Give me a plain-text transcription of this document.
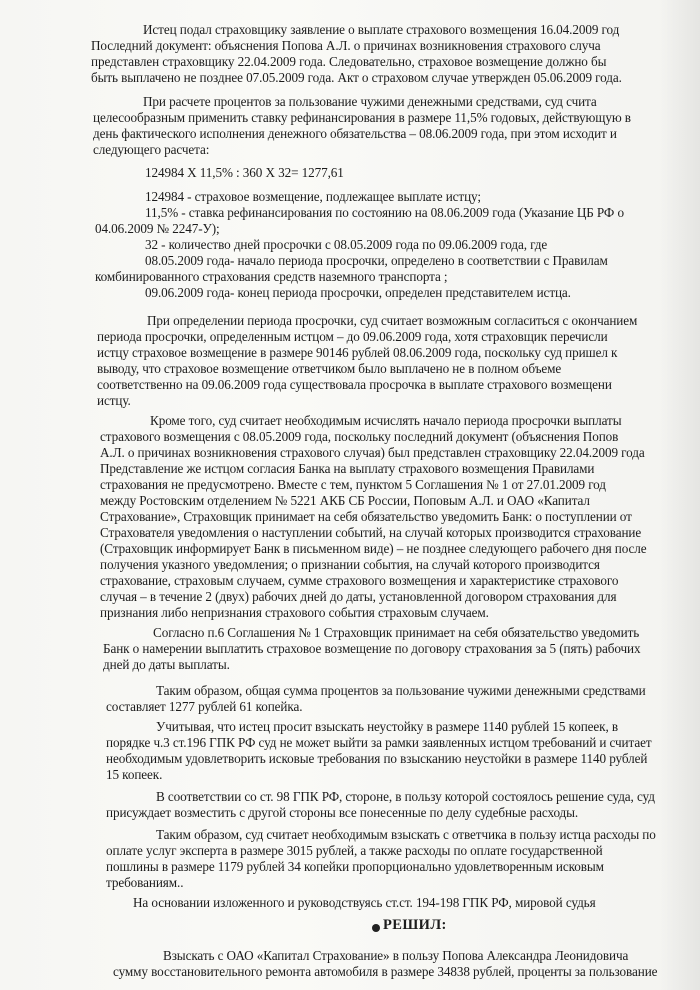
Истец подал страховщику заявление о выплате страхового возмещения 16.04.2009 год
Последний документ: объяснения Попова А.Л. о причинах возникновения страхового случа
представлен страховщику 22.04.2009 года. Следовательно, страховое возмещение должно бы
быть выплачено не позднее 07.05.2009 года. Акт о страховом случае утвержден 05.06.2009 года.
При расчете процентов за пользование чужими денежными средствами, суд счита
целесообразным применить ставку рефинансирования в размере 11,5% годовых, действующую в
день фактического исполнения денежного обязательства – 08.06.2009 года, при этом исходит и
следующего расчета:
124984 Х 11,5% : 360 Х 32= 1277,61
124984 - страховое возмещение, подлежащее выплате истцу;
11,5% - ставка рефинансирования по состоянию на 08.06.2009 года (Указание ЦБ РФ о
04.06.2009 № 2247-У);
32 - количество дней просрочки с 08.05.2009 года по 09.06.2009 года, где
08.05.2009 года- начало периода просрочки, определено в соответствии с Правилам
комбинированного страхования средств наземного транспорта ;
09.06.2009 года- конец периода просрочки, определен представителем истца.
При определении периода просрочки, суд считает возможным согласиться с окончанием
периода просрочки, определенным истцом – до 09.06.2009 года, хотя страховщик перечисли
истцу страховое возмещение в размере 90146 рублей 08.06.2009 года, поскольку суд пришел к
выводу, что страховое возмещение ответчиком было выплачено не в полном объеме
соответственно на 09.06.2009 года существовала просрочка в выплате страхового возмещени
истцу.
Кроме того, суд считает необходимым исчислять начало периода просрочки выплаты
страхового возмещения с 08.05.2009 года, поскольку последний документ (объяснения Попов
А.Л. о причинах возникновения страхового случая) был представлен страховщику 22.04.2009 года
Представление же истцом согласия Банка на выплату страхового возмещения Правилами
страхования не предусмотрено. Вместе с тем, пунктом 5 Соглашения № 1 от 27.01.2009 год
между Ростовским отделением № 5221 АКБ СБ России, Поповым А.Л. и ОАО «Капитал
Страхование», Страховщик принимает на себя обязательство уведомить Банк: о поступлении от
Страхователя уведомления о наступлении событий, на случай которых производится страхование
(Страховщик информирует Банк в письменном виде) – не позднее следующего рабочего дня после
получения указного уведомления; о признании события, на случай которого производится
страхование, страховым случаем, сумме страхового возмещения и характеристике страхового
случая – в течение 2 (двух) рабочих дней до даты, установленной договором страхования для
признания либо непризнания страхового события страховым случаем.
Согласно п.6 Соглашения № 1 Страховщик принимает на себя обязательство уведомить
Банк о намерении выплатить страховое возмещение по договору страхования за 5 (пять) рабочих
дней до даты выплаты.
Таким образом, общая сумма процентов за пользование чужими денежными средствами
составляет 1277 рублей 61 копейка.
Учитывая, что истец просит взыскать неустойку в размере 1140 рублей 15 копеек, в
порядке ч.3 ст.196 ГПК РФ суд не может выйти за рамки заявленных истцом требований и считает
необходимым удовлетворить исковые требования по взысканию неустойки в размере 1140 рублей
15 копеек.
В соответствии со ст. 98 ГПК РФ, стороне, в пользу которой состоялось решение суда, суд
присуждает возместить с другой стороны все понесенные по делу судебные расходы.
Таким образом, суд считает необходимым взыскать с ответчика в пользу истца расходы по
оплате услуг эксперта в размере 3015 рублей, а также расходы по оплате государственной
пошлины в размере 1179 рублей 34 копейки пропорционально удовлетворенным исковым
требованиям..
На основании изложенного и руководствуясь ст.ст. 194-198 ГПК РФ, мировой судья
РЕШИЛ:
Взыскать с ОАО «Капитал Страхование» в пользу Попова Александра Леонидовича
сумму восстановительного ремонта автомобиля в размере 34838 рублей, проценты за пользование
